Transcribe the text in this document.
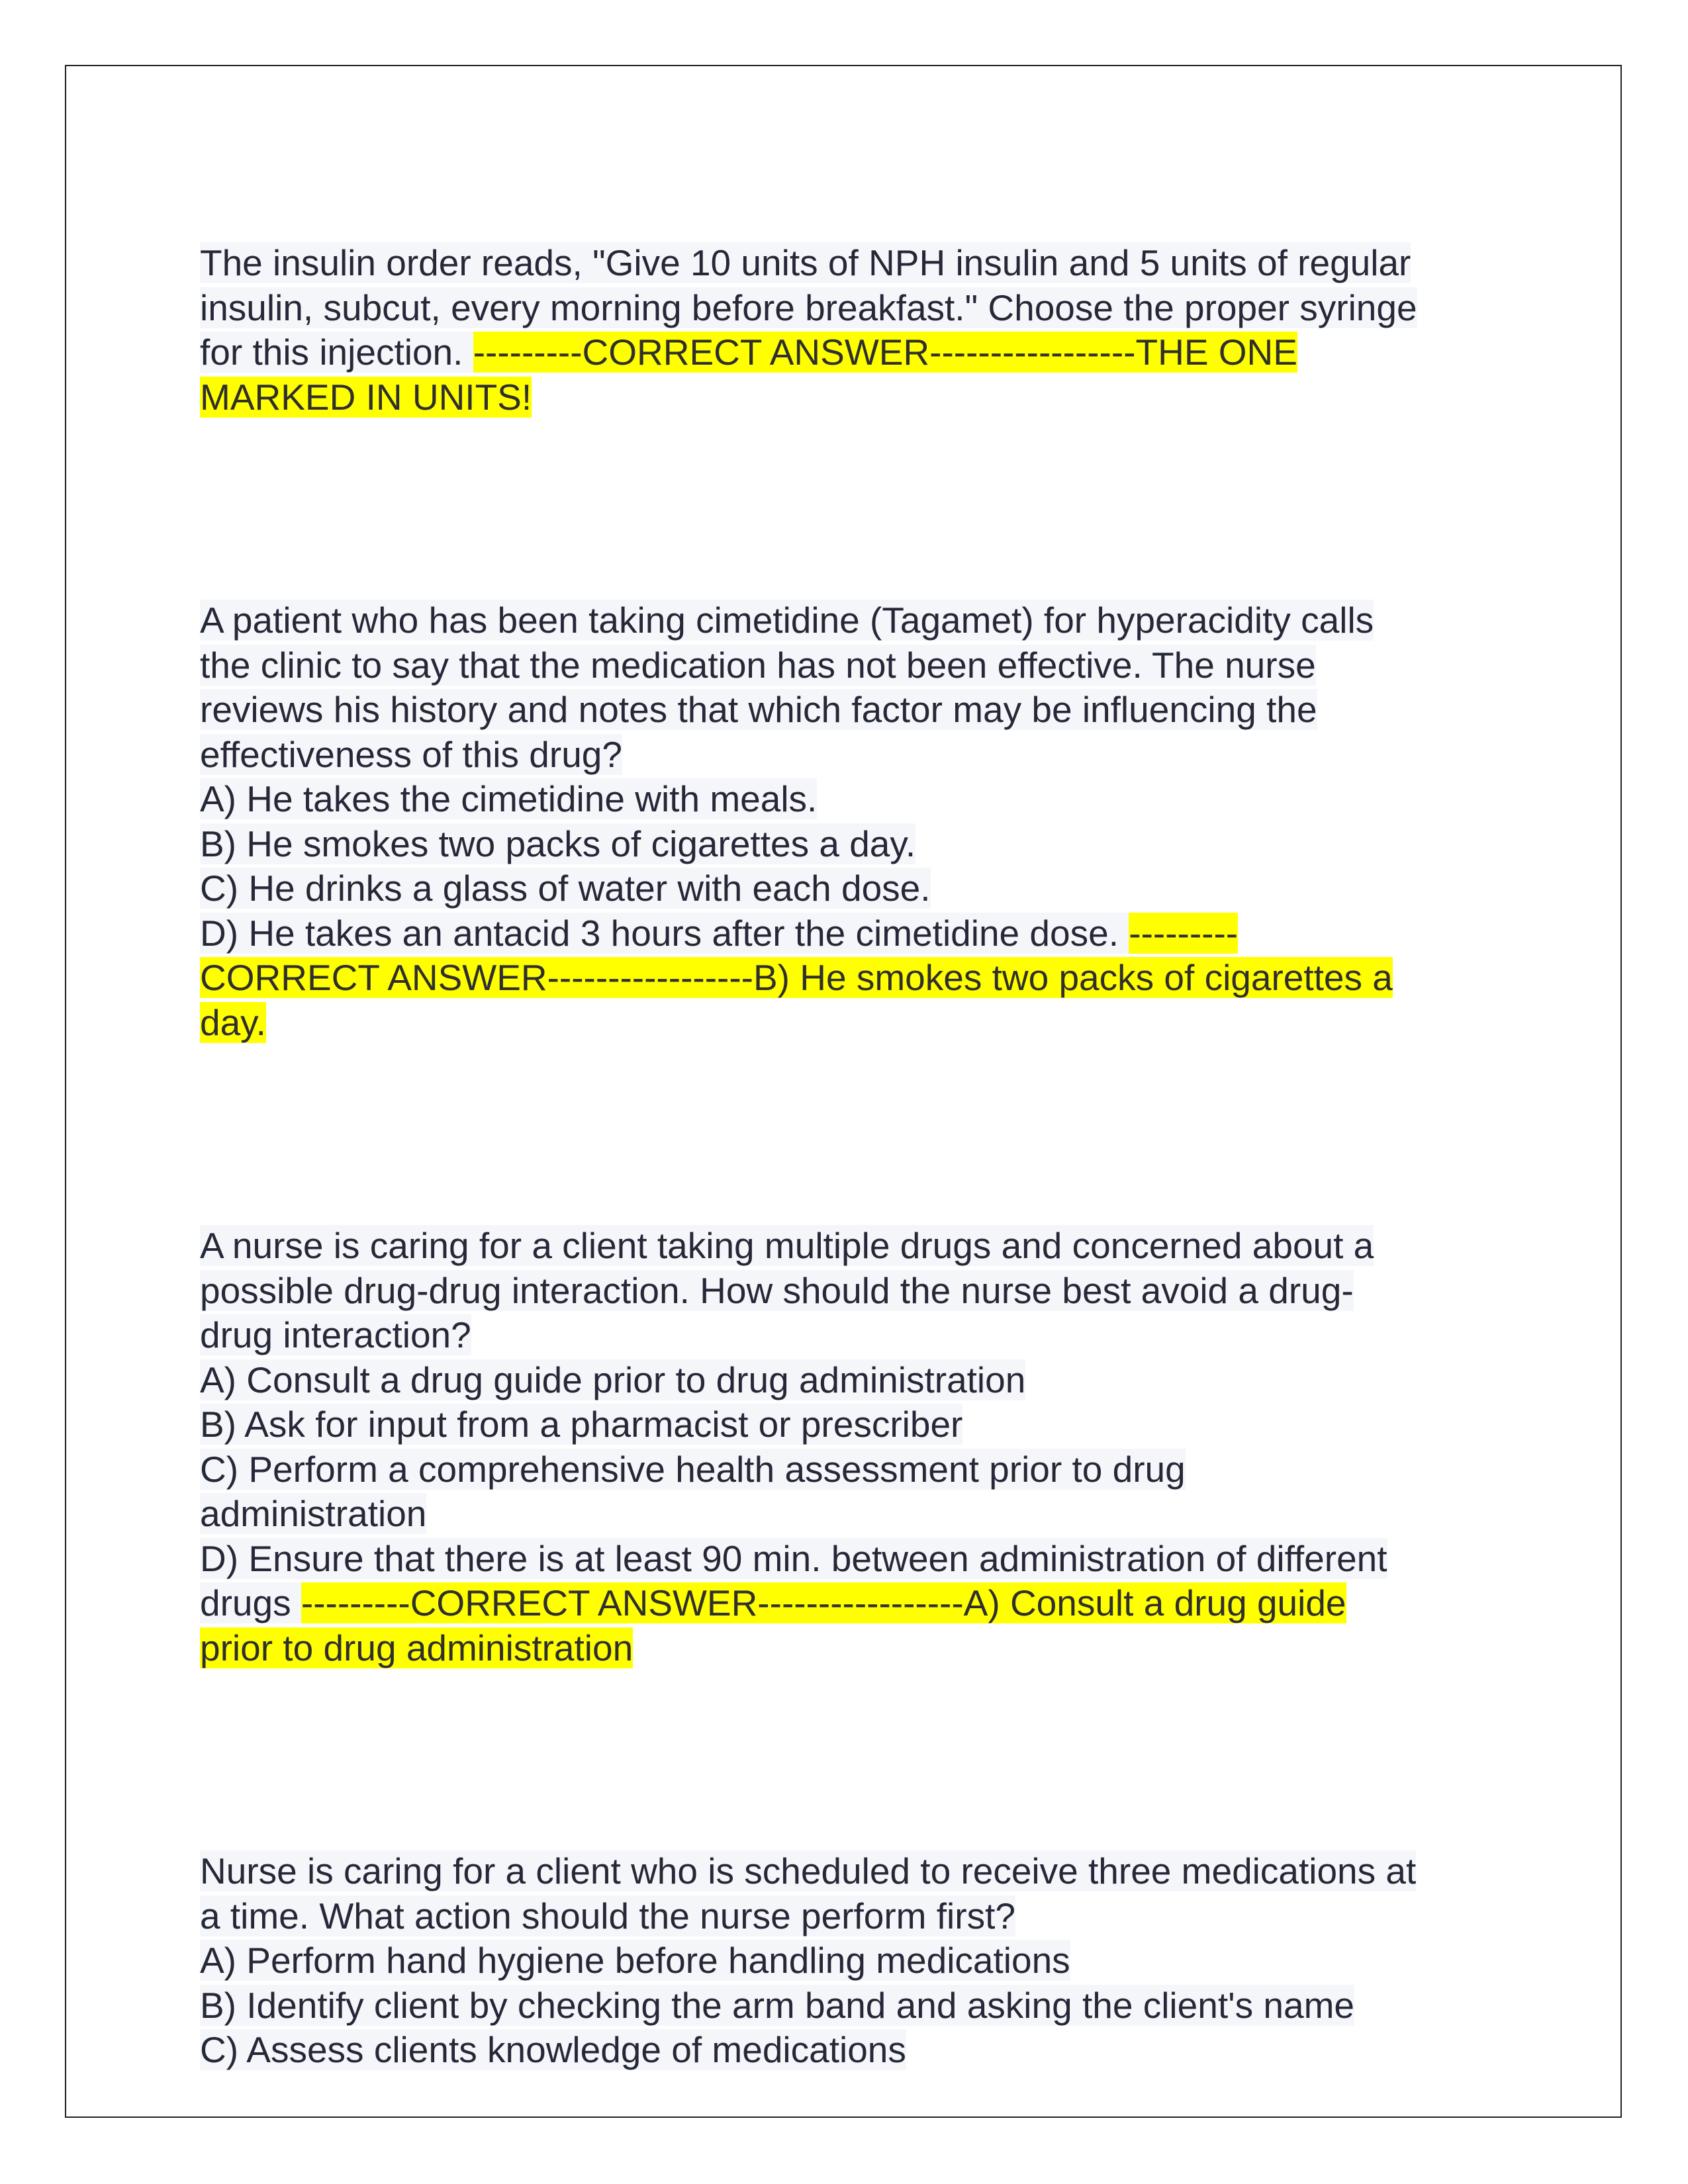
The insulin order reads, "Give 10 units of NPH insulin and 5 units of regular
insulin, subcut, every morning before breakfast." Choose the proper syringe
for this injection. ---------CORRECT ANSWER-----------------THE ONE
MARKED IN UNITS!
A patient who has been taking cimetidine (Tagamet) for hyperacidity calls
the clinic to say that the medication has not been effective. The nurse
reviews his history and notes that which factor may be influencing the
effectiveness of this drug?
A) He takes the cimetidine with meals.
B) He smokes two packs of cigarettes a day.
C) He drinks a glass of water with each dose.
D) He takes an antacid 3 hours after the cimetidine dose. ---------
CORRECT ANSWER-----------------B) He smokes two packs of cigarettes a
day.
A nurse is caring for a client taking multiple drugs and concerned about a
possible drug-drug interaction. How should the nurse best avoid a drug-
drug interaction?
A) Consult a drug guide prior to drug administration
B) Ask for input from a pharmacist or prescriber
C) Perform a comprehensive health assessment prior to drug
administration
D) Ensure that there is at least 90 min. between administration of different
drugs ---------CORRECT ANSWER-----------------A) Consult a drug guide
prior to drug administration
Nurse is caring for a client who is scheduled to receive three medications at
a time. What action should the nurse perform first?
A) Perform hand hygiene before handling medications
B) Identify client by checking the arm band and asking the client's name
C) Assess clients knowledge of medications
